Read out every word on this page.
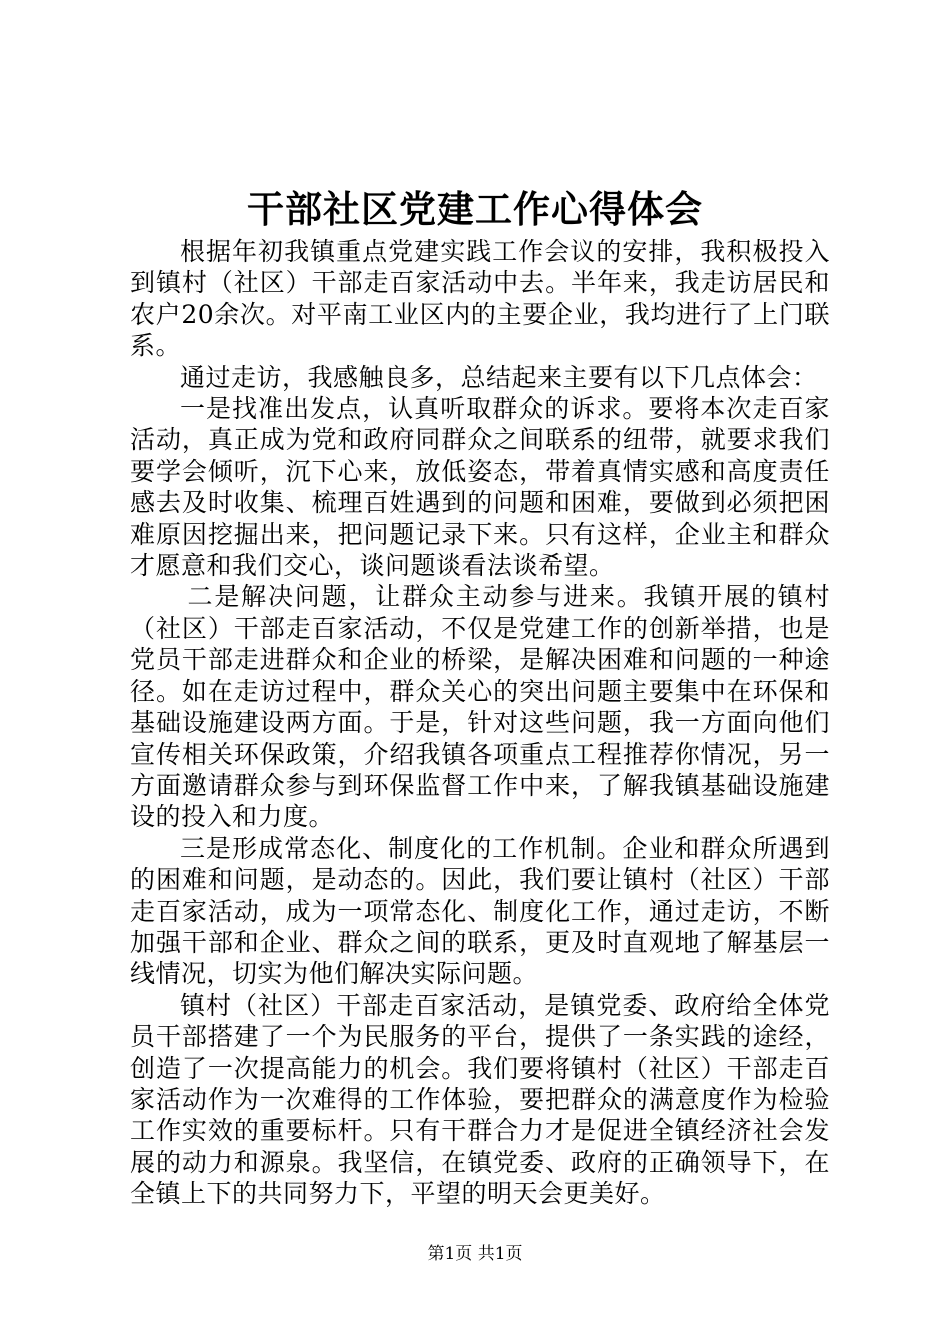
干部社区党建工作心得体会

根据年初我镇重点党建实践工作会议的安排，我积极投入到镇村（社区）干部走百家活动中去。半年来，我走访居民和农户20余次。对平南工业区内的主要企业，我均进行了上门联系。

通过走访，我感触良多，总结起来主要有以下几点体会：

一是找准出发点，认真听取群众的诉求。要将本次走百家活动，真正成为党和政府同群众之间联系的纽带，就要求我们要学会倾听，沉下心来，放低姿态，带着真情实感和高度责任感去及时收集、梳理百姓遇到的问题和困难，要做到必须把困难原因挖掘出来，把问题记录下来。只有这样，企业主和群众才愿意和我们交心，谈问题谈看法谈希望。

二是解决问题，让群众主动参与进来。我镇开展的镇村（社区）干部走百家活动，不仅是党建工作的创新举措，也是党员干部走进群众和企业的桥梁，是解决困难和问题的一种途径。如在走访过程中，群众关心的突出问题主要集中在环保和基础设施建设两方面。于是，针对这些问题，我一方面向他们宣传相关环保政策，介绍我镇各项重点工程推荐你情况，另一方面邀请群众参与到环保监督工作中来，了解我镇基础设施建设的投入和力度。

三是形成常态化、制度化的工作机制。企业和群众所遇到的困难和问题，是动态的。因此，我们要让镇村（社区）干部走百家活动，成为一项常态化、制度化工作，通过走访，不断加强干部和企业、群众之间的联系，更及时直观地了解基层一线情况，切实为他们解决实际问题。

镇村（社区）干部走百家活动，是镇党委、政府给全体党员干部搭建了一个为民服务的平台，提供了一条实践的途经，创造了一次提高能力的机会。我们要将镇村（社区）干部走百家活动作为一次难得的工作体验，要把群众的满意度作为检验工作实效的重要标杆。只有干群合力才是促进全镇经济社会发展的动力和源泉。我坚信，在镇党委、政府的正确领导下，在全镇上下的共同努力下，平望的明天会更美好。

第1页 共1页
